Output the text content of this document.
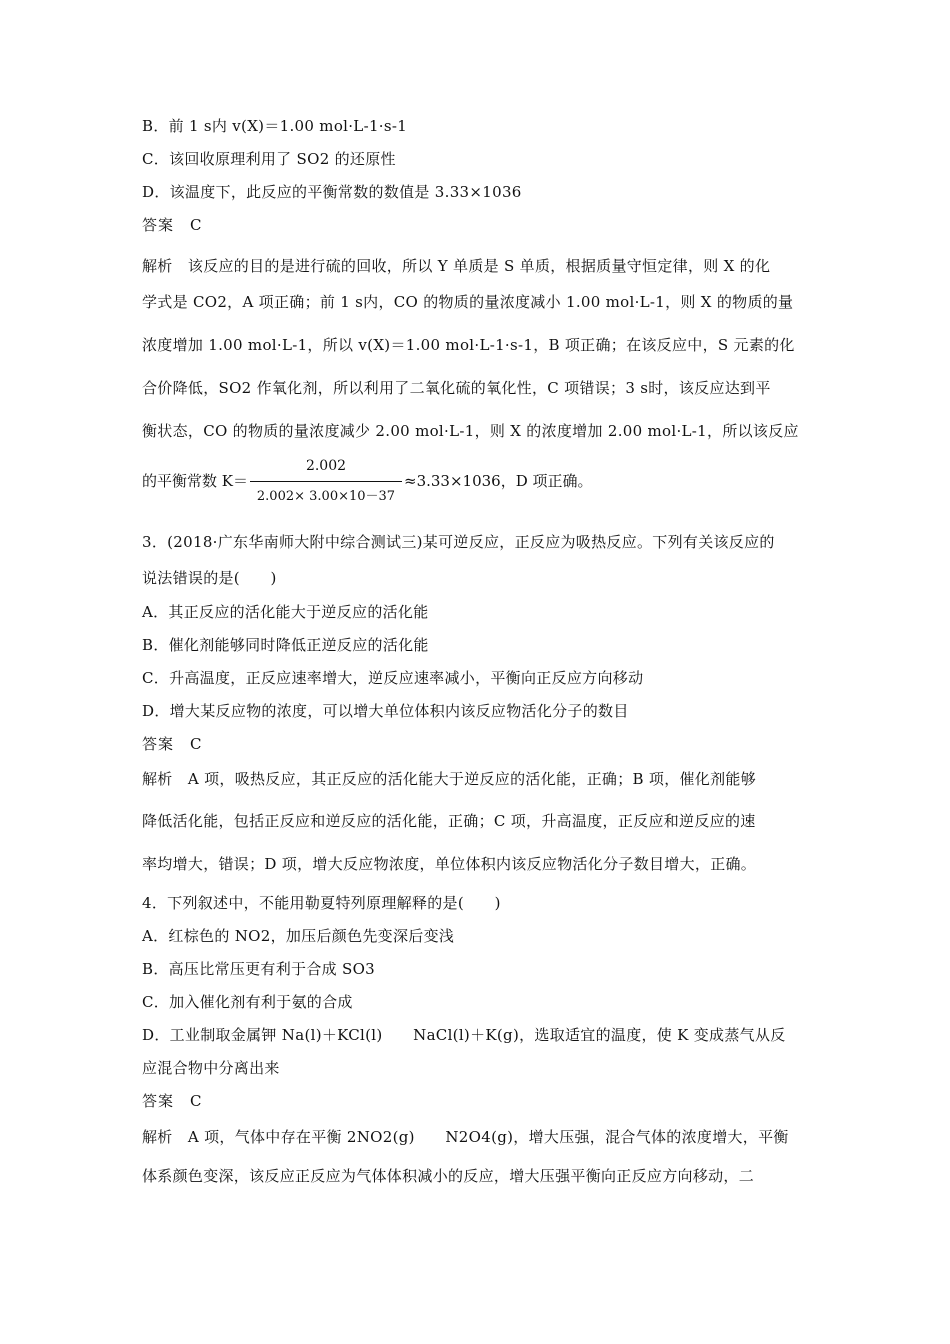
B．前 1 s内 v(X)＝1.00 mol·L-1·s-1
C．该回收原理利用了 SO2 的还原性
D．该温度下，此反应的平衡常数的数值是 3.33×1036
答案　C
解析　该反应的目的是进行硫的回收，所以 Y 单质是 S 单质，根据质量守恒定律，则 X 的化
学式是 CO2，A 项正确；前 1 s内，CO 的物质的量浓度减小 1.00 mol·L-1，则 X 的物质的量
浓度增加 1.00 mol·L-1，所以 v(X)＝1.00 mol·L-1·s-1，B 项正确；在该反应中，S 元素的化
合价降低，SO2 作氧化剂，所以利用了二氧化硫的氧化性，C 项错误；3 s时，该反应达到平
衡状态，CO 的物质的量浓度减少 2.00 mol·L-1，则 X 的浓度增加 2.00 mol·L-1，所以该反应
的平衡常数 K＝
2.002
2.002× 3.00×10－37
≈3.33×1036，D 项正确。
3．(2018·广东华南师大附中综合测试三)某可逆反应，正反应为吸热反应。下列有关该反应的
说法错误的是(　　)
A．其正反应的活化能大于逆反应的活化能
B．催化剂能够同时降低正逆反应的活化能
C．升高温度，正反应速率增大，逆反应速率减小，平衡向正反应方向移动
D．增大某反应物的浓度，可以增大单位体积内该反应物活化分子的数目
答案　C
解析　A 项，吸热反应，其正反应的活化能大于逆反应的活化能，正确；B 项，催化剂能够
降低活化能，包括正反应和逆反应的活化能，正确；C 项，升高温度，正反应和逆反应的速
率均增大，错误；D 项，增大反应物浓度，单位体积内该反应物活化分子数目增大，正确。
4．下列叙述中，不能用勒夏特列原理解释的是(　　)
A．红棕色的 NO2，加压后颜色先变深后变浅
B．高压比常压更有利于合成 SO3
C．加入催化剂有利于氨的合成
D．工业制取金属钾 Na(l)＋KCl(l)　　NaCl(l)＋K(g)，选取适宜的温度，使 K 变成蒸气从反
应混合物中分离出来
答案　C
解析　A 项，气体中存在平衡 2NO2(g)　　N2O4(g)，增大压强，混合气体的浓度增大，平衡
体系颜色变深，该反应正反应为气体体积减小的反应，增大压强平衡向正反应方向移动，二
